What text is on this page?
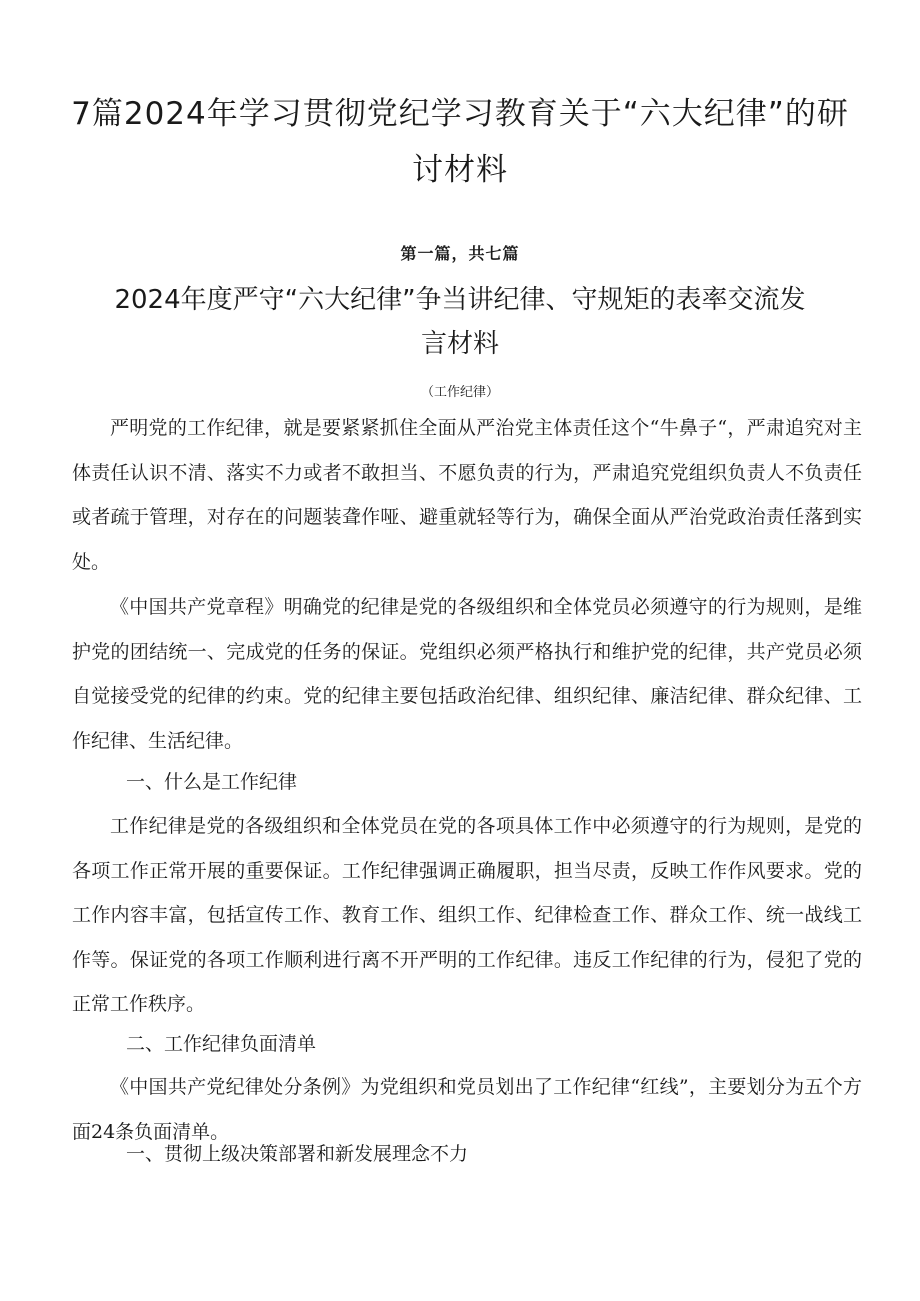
7篇2024年学习贯彻党纪学习教育关于“六大纪律”的研讨材料
第一篇，共七篇
2024年度严守“六大纪律”争当讲纪律、守规矩的表率交流发言材料
（工作纪律）

严明党的工作纪律，就是要紧紧抓住全面从严治党主体责任这个“牛鼻子“，严肃追究对主体责任认识不清、落实不力或者不敢担当、不愿负责的行为，严肃追究党组织负责人不负责任或者疏于管理，对存在的问题装聋作哑、避重就轻等行为，确保全面从严治党政治责任落到实处。

《中国共产党章程》明确党的纪律是党的各级组织和全体党员必须遵守的行为规则，是维护党的团结统一、完成党的任务的保证。党组织必须严格执行和维护党的纪律，共产党员必须自觉接受党的纪律的约束。党的纪律主要包括政治纪律、组织纪律、廉洁纪律、群众纪律、工作纪律、生活纪律。

一、什么是工作纪律

工作纪律是党的各级组织和全体党员在党的各项具体工作中必须遵守的行为规则，是党的各项工作正常开展的重要保证。工作纪律强调正确履职，担当尽责，反映工作作风要求。党的工作内容丰富，包括宣传工作、教育工作、组织工作、纪律检查工作、群众工作、统一战线工作等。保证党的各项工作顺利进行离不开严明的工作纪律。违反工作纪律的行为，侵犯了党的正常工作秩序。

二、工作纪律负面清单

《中国共产党纪律处分条例》为党组织和党员划出了工作纪律“红线”，主要划分为五个方面24条负面清单。

一、贯彻上级决策部署和新发展理念不力
